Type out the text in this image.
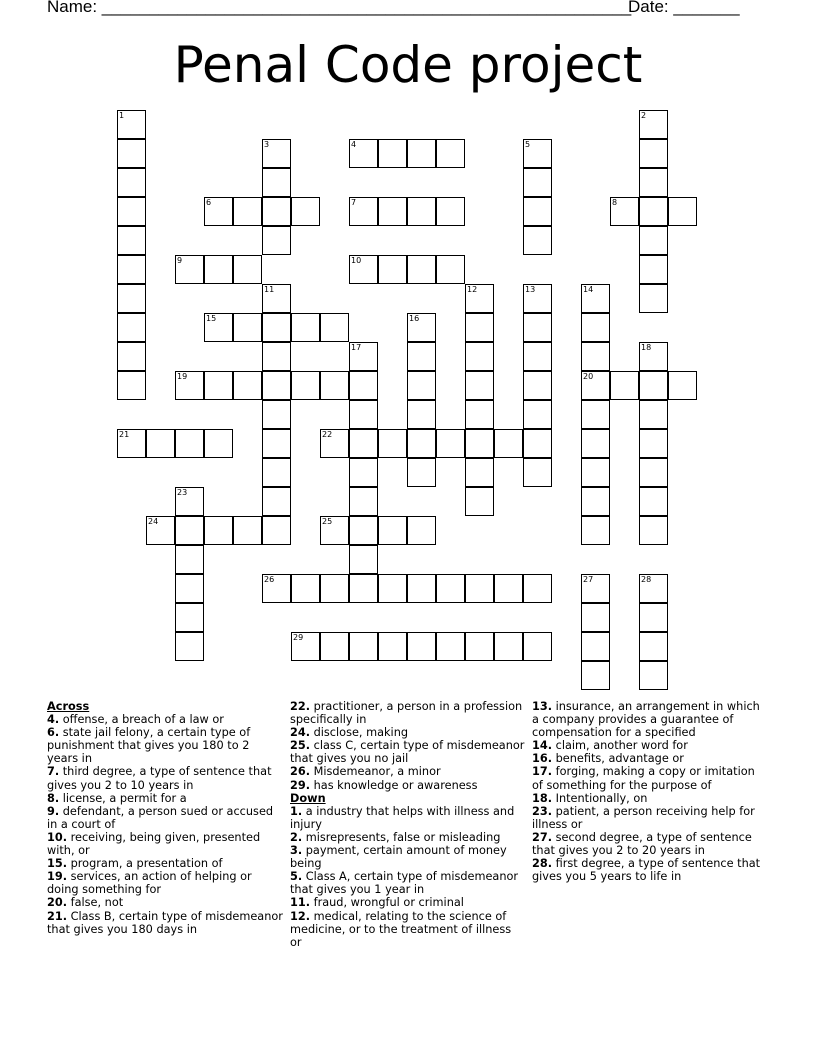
Name: ________________________________________________________
Date: _______
Penal Code project
1
21
2
3	4	5
6	7	8
9	10
11	12	13	14
15	16
17	18
19	20
22
23
24	25
26	27	28
29
Across
4. offense, a breach of a law or
6. state jail felony, a certain type of punishment that gives you 180 to 2 years in
7. third degree, a type of sentence that gives you 2 to 10 years in
8. license, a permit for a
9. defendant, a person sued or accused in a court of
10. receiving, being given, presented with, or
15. program, a presentation of
19. services, an action of helping or doing something for
20. false, not
21. Class B, certain type of misdemeanor that gives you 180 days in
22. practitioner, a person in a profession specifically in
24. disclose, making
25. class C, certain type of misdemeanor that gives you no jail
26. Misdemeanor, a minor
29. has knowledge or awareness
Down
1. a industry that helps with illness and injury
2. misrepresents, false or misleading
3. payment, certain amount of money being
5. Class A, certain type of misdemeanor that gives you 1 year in
11. fraud, wrongful or criminal
12. medical, relating to the science of medicine, or to the treatment of illness or
13. insurance, an arrangement in which a company provides a guarantee of compensation for a specified
14. claim, another word for
16. benefits, advantage or
17. forging, making a copy or imitation of something for the purpose of
18. Intentionally, on
23. patient, a person receiving help for illness or
27. second degree, a type of sentence that gives you 2 to 20 years in
28. first degree, a type of sentence that gives you 5 years to life in
